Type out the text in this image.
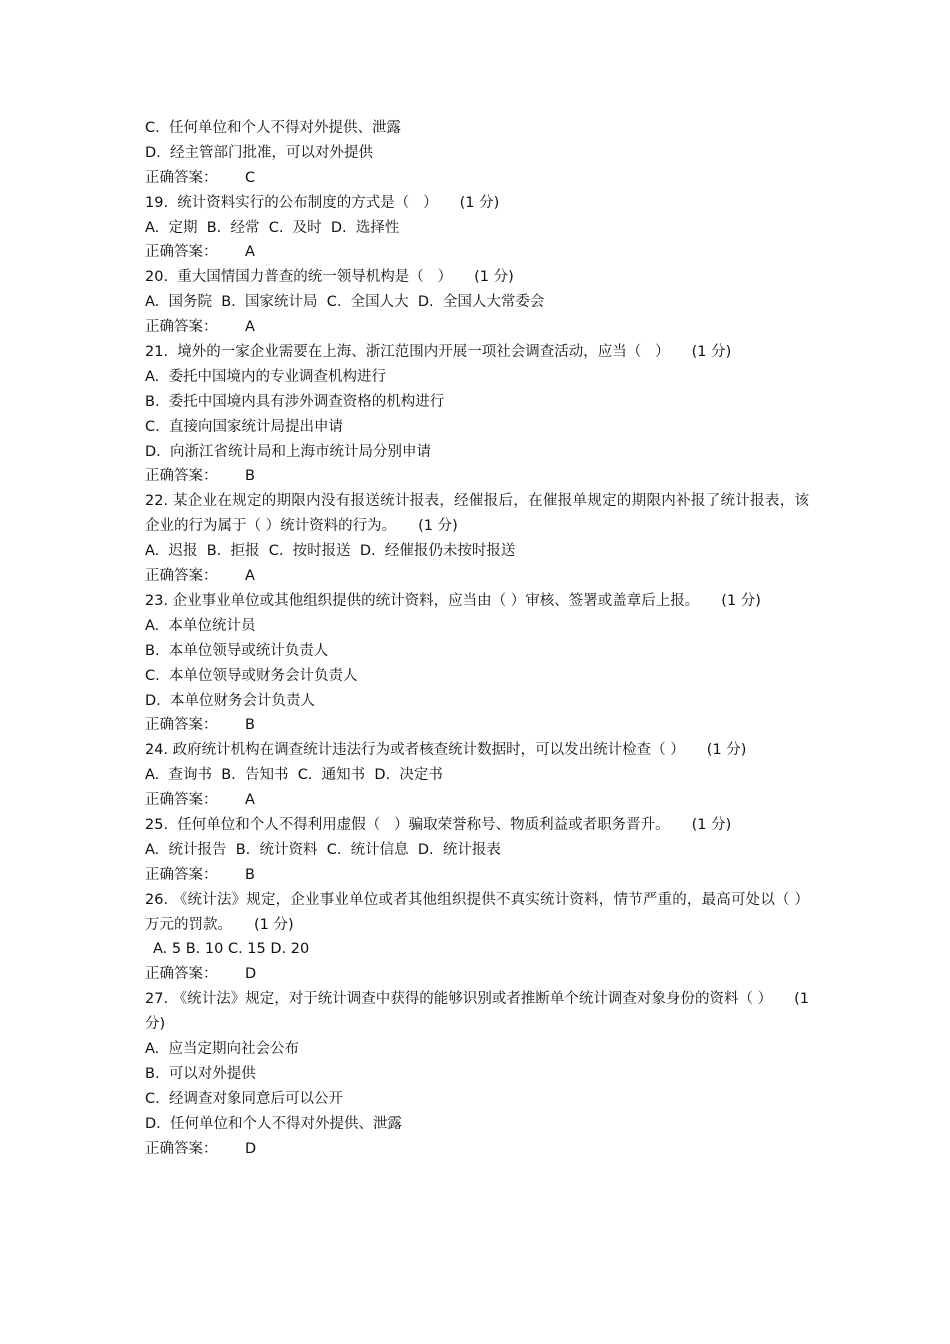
C.  任何单位和个人不得对外提供、泄露
D.  经主管部门批准，可以对外提供
正确答案： C
19.  统计资料实行的公布制度的方式是（   ） (1 分)
A.  定期  B.  经常  C.  及时  D.  选择性
正确答案： A
20.  重大国情国力普查的统一领导机构是（   ） (1 分)
A.  国务院  B.  国家统计局  C.  全国人大  D.  全国人大常委会
正确答案： A
21.  境外的一家企业需要在上海、浙江范围内开展一项社会调查活动，应当（   ） (1 分)
A.  委托中国境内的专业调查机构进行
B.  委托中国境内具有涉外调查资格的机构进行
C.  直接向国家统计局提出申请
D.  向浙江省统计局和上海市统计局分别申请
正确答案： B
22. 某企业在规定的期限内没有报送统计报表，经催报后，在催报单规定的期限内补报了统计报表，该企业的行为属于（ ）统计资料的行为。 (1 分)
A.  迟报  B.  拒报  C.  按时报送  D.  经催报仍未按时报送
正确答案： A
23. 企业事业单位或其他组织提供的统计资料，应当由（ ）审核、签署或盖章后上报。 (1 分)
A.  本单位统计员
B.  本单位领导或统计负责人
C.  本单位领导或财务会计负责人
D.  本单位财务会计负责人
正确答案： B
24. 政府统计机构在调查统计违法行为或者核查统计数据时，可以发出统计检查（ ） (1 分)
A.  查询书  B.  告知书  C.  通知书  D.  决定书
正确答案： A
25.  任何单位和个人不得利用虚假（   ）骗取荣誉称号、物质利益或者职务晋升。 (1 分)
A.  统计报告  B.  统计资料  C.  统计信息  D.  统计报表
正确答案： B
26. 《统计法》规定，企业事业单位或者其他组织提供不真实统计资料，情节严重的，最高可处以（ ）万元的罚款。 (1 分)
A. 5 B. 10 C. 15 D. 20
正确答案： D
27. 《统计法》规定，对于统计调查中获得的能够识别或者推断单个统计调查对象身份的资料（ ） (1 分)
A.  应当定期向社会公布
B.  可以对外提供
C.  经调查对象同意后可以公开
D.  任何单位和个人不得对外提供、泄露
正确答案： D
